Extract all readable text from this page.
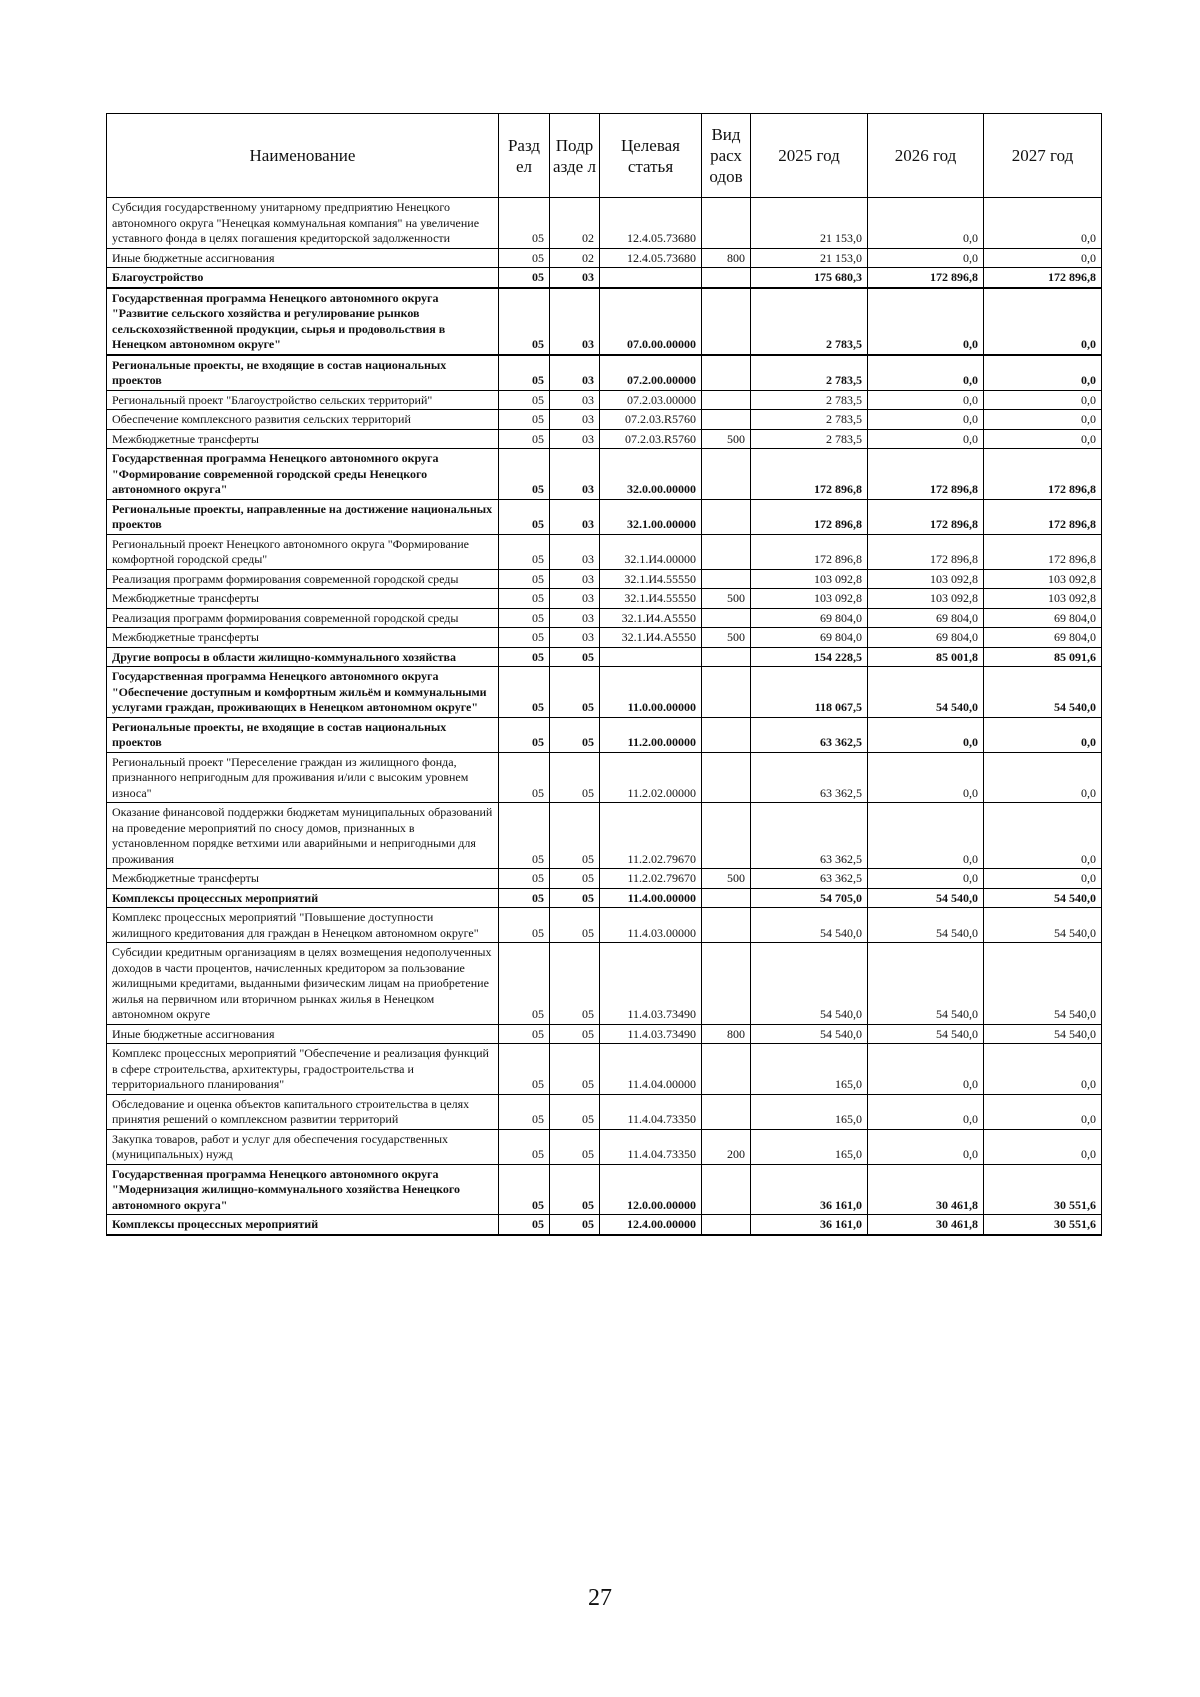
Наименование	Разд ел	Подр азде л	Целевая статья	Вид расх одов	2025 год	2026 год	2027 год
Субсидия государственному унитарному предприятию Ненецкого автономного округа "Ненецкая коммунальная компания" на увеличение уставного фонда в целях погашения кредиторской задолженности	05	02	12.4.05.73680		21 153,0	0,0	0,0
Иные бюджетные ассигнования	05	02	12.4.05.73680	800	21 153,0	0,0	0,0
Благоустройство	05	03			175 680,3	172 896,8	172 896,8
Государственная программа Ненецкого автономного округа "Развитие сельского хозяйства и регулирование рынков сельскохозяйственной продукции, сырья и продовольствия в Ненецком автономном округе"	05	03	07.0.00.00000		2 783,5	0,0	0,0
Региональные проекты, не входящие в состав национальных проектов	05	03	07.2.00.00000		2 783,5	0,0	0,0
Региональный проект "Благоустройство сельских территорий"	05	03	07.2.03.00000		2 783,5	0,0	0,0
Обеспечение комплексного развития сельских территорий	05	03	07.2.03.R5760		2 783,5	0,0	0,0
Межбюджетные трансферты	05	03	07.2.03.R5760	500	2 783,5	0,0	0,0
Государственная программа Ненецкого автономного округа "Формирование современной городской среды Ненецкого автономного округа"	05	03	32.0.00.00000		172 896,8	172 896,8	172 896,8
Региональные проекты, направленные на достижение национальных проектов	05	03	32.1.00.00000		172 896,8	172 896,8	172 896,8
Региональный проект Ненецкого автономного округа "Формирование комфортной городской среды"	05	03	32.1.И4.00000		172 896,8	172 896,8	172 896,8
Реализация программ формирования современной городской среды	05	03	32.1.И4.55550		103 092,8	103 092,8	103 092,8
Межбюджетные трансферты	05	03	32.1.И4.55550	500	103 092,8	103 092,8	103 092,8
Реализация программ формирования современной городской среды	05	03	32.1.И4.А5550		69 804,0	69 804,0	69 804,0
Межбюджетные трансферты	05	03	32.1.И4.А5550	500	69 804,0	69 804,0	69 804,0
Другие вопросы в области жилищно-коммунального хозяйства	05	05			154 228,5	85 001,8	85 091,6
Государственная программа Ненецкого автономного округа "Обеспечение доступным и комфортным жильём и коммунальными услугами граждан, проживающих в Ненецком автономном округе"	05	05	11.0.00.00000		118 067,5	54 540,0	54 540,0
Региональные проекты, не входящие в состав национальных проектов	05	05	11.2.00.00000		63 362,5	0,0	0,0
Региональный проект "Переселение граждан из жилищного фонда, признанного непригодным для проживания и/или с высоким уровнем износа"	05	05	11.2.02.00000		63 362,5	0,0	0,0
Оказание финансовой поддержки бюджетам муниципальных образований на проведение мероприятий по сносу домов, признанных в установленном порядке ветхими или аварийными и непригодными для проживания	05	05	11.2.02.79670		63 362,5	0,0	0,0
Межбюджетные трансферты	05	05	11.2.02.79670	500	63 362,5	0,0	0,0
Комплексы процессных мероприятий	05	05	11.4.00.00000		54 705,0	54 540,0	54 540,0
Комплекс процессных мероприятий "Повышение доступности жилищного кредитования для граждан в Ненецком автономном округе"	05	05	11.4.03.00000		54 540,0	54 540,0	54 540,0
Субсидии кредитным организациям в целях возмещения недополученных доходов в части процентов, начисленных кредитором за пользование жилищными кредитами, выданными физическим лицам на приобретение жилья на первичном или вторичном рынках жилья в Ненецком автономном округе	05	05	11.4.03.73490		54 540,0	54 540,0	54 540,0
Иные бюджетные ассигнования	05	05	11.4.03.73490	800	54 540,0	54 540,0	54 540,0
Комплекс процессных мероприятий "Обеспечение и реализация функций в сфере строительства, архитектуры, градостроительства и территориального планирования"	05	05	11.4.04.00000		165,0	0,0	0,0
Обследование и оценка объектов капитального строительства в целях принятия решений о комплексном развитии территорий	05	05	11.4.04.73350		165,0	0,0	0,0
Закупка товаров, работ и услуг для обеспечения государственных (муниципальных) нужд	05	05	11.4.04.73350	200	165,0	0,0	0,0
Государственная программа Ненецкого автономного округа "Модернизация жилищно-коммунального хозяйства Ненецкого автономного округа"	05	05	12.0.00.00000		36 161,0	30 461,8	30 551,6
Комплексы процессных мероприятий	05	05	12.4.00.00000		36 161,0	30 461,8	30 551,6
27
